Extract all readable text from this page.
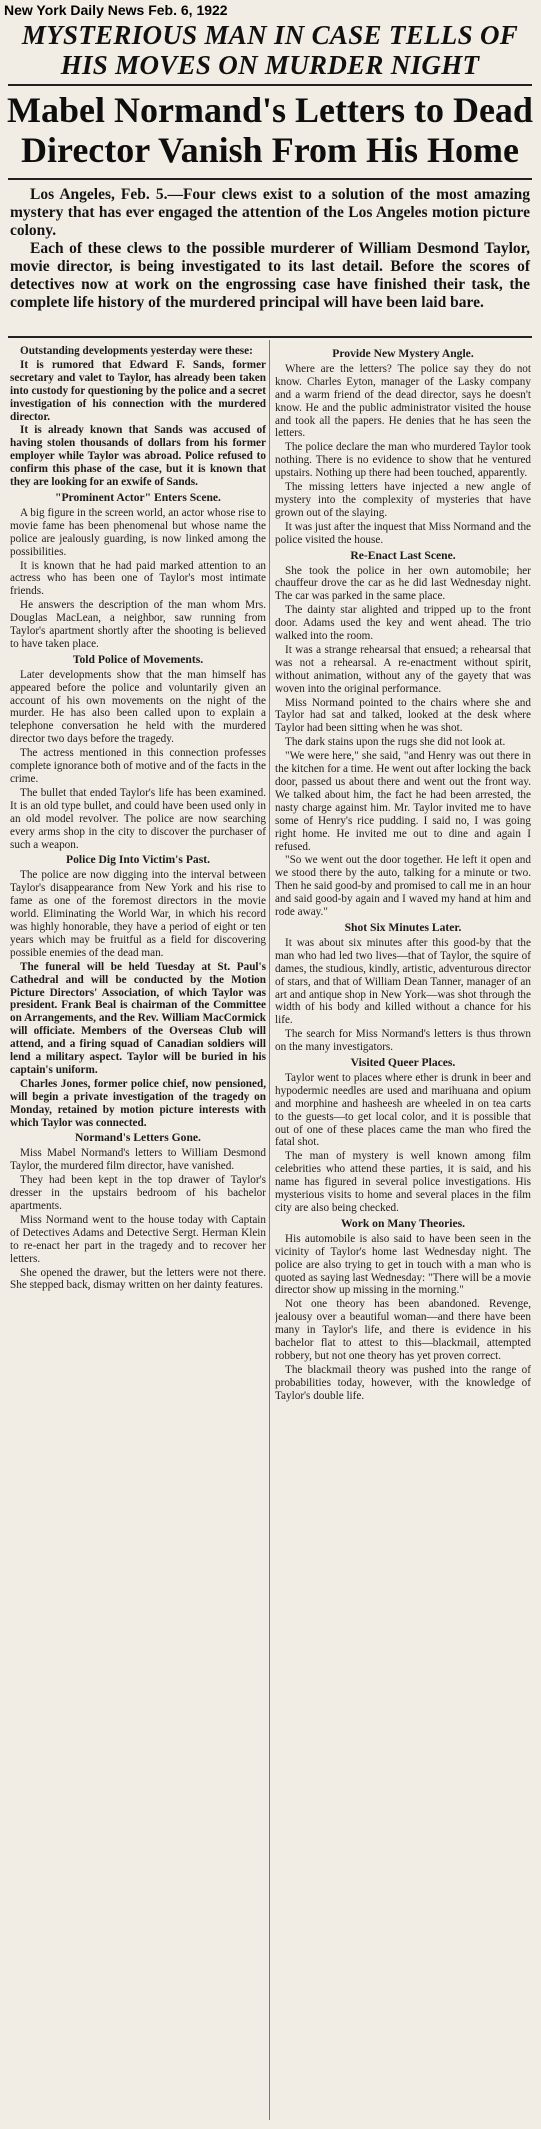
New York Daily News Feb. 6, 1922
MYSTERIOUS MAN IN CASE TELLS OF HIS MOVES ON MURDER NIGHT
Mabel Normand's Letters to Dead Director Vanish From His Home

Los Angeles, Feb. 5.—Four clews exist to a solution of the most amazing mystery that has ever engaged the attention of the Los Angeles motion picture colony.

Each of these clews to the possible murderer of William Desmond Taylor, movie director, is being investigated to its last detail. Before the scores of detectives now at work on the engrossing case have finished their task, the complete life history of the murdered principal will have been laid bare.

Outstanding developments yesterday were these:

It is rumored that Edward F. Sands, former secretary and valet to Taylor, has already been taken into custody for questioning by the police and a secret investigation of his connection with the murdered director.

It is already known that Sands was accused of having stolen thousands of dollars from his former employer while Taylor was abroad. Police refused to confirm this phase of the case, but it is known that they are looking for an exwife of Sands.

"Prominent Actor" Enters Scene.

A big figure in the screen world, an actor whose rise to movie fame has been phenomenal but whose name the police are jealously guarding, is now linked among the possibilities.

It is known that he had paid marked attention to an actress who has been one of Taylor's most intimate friends.

He answers the description of the man whom Mrs. Douglas MacLean, a neighbor, saw running from Taylor's apartment shortly after the shooting is believed to have taken place.

Told Police of Movements.

Later developments show that the man himself has appeared before the police and voluntarily given an account of his own movements on the night of the murder. He has also been called upon to explain a telephone conversation he held with the murdered director two days before the tragedy.

The actress mentioned in this connection professes complete ignorance both of motive and of the facts in the crime.

The bullet that ended Taylor's life has been examined. It is an old type bullet, and could have been used only in an old model revolver. The police are now searching every arms shop in the city to discover the purchaser of such a weapon.

Police Dig Into Victim's Past.

The police are now digging into the interval between Taylor's disappearance from New York and his rise to fame as one of the foremost directors in the movie world. Eliminating the World War, in which his record was highly honorable, they have a period of eight or ten years which may be fruitful as a field for discovering possible enemies of the dead man.

The funeral will be held Tuesday at St. Paul's Cathedral and will be conducted by the Motion Picture Directors' Association, of which Taylor was president. Frank Beal is chairman of the Committee on Arrangements, and the Rev. William MacCormick will officiate. Members of the Overseas Club will attend, and a firing squad of Canadian soldiers will lend a military aspect. Taylor will be buried in his captain's uniform.

Charles Jones, former police chief, now pensioned, will begin a private investigation of the tragedy on Monday, retained by motion picture interests with which Taylor was connected.

Normand's Letters Gone.

Miss Mabel Normand's letters to William Desmond Taylor, the murdered film director, have vanished.

They had been kept in the top drawer of Taylor's dresser in the upstairs bedroom of his bachelor apartments.

Miss Normand went to the house today with Captain of Detectives Adams and Detective Sergt. Herman Klein to re-enact her part in the tragedy and to recover her letters.

She opened the drawer, but the letters were not there. She stepped back, dismay written on her dainty features.

Provide New Mystery Angle.

Where are the letters? The police say they do not know. Charles Eyton, manager of the Lasky company and a warm friend of the dead director, says he doesn't know. He and the public administrator visited the house and took all the papers. He denies that he has seen the letters.

The police declare the man who murdered Taylor took nothing. There is no evidence to show that he ventured upstairs. Nothing up there had been touched, apparently.

The missing letters have injected a new angle of mystery into the complexity of mysteries that have grown out of the slaying.

It was just after the inquest that Miss Normand and the police visited the house.

Re-Enact Last Scene.

She took the police in her own automobile; her chauffeur drove the car as he did last Wednesday night. The car was parked in the same place.

The dainty star alighted and tripped up to the front door. Adams used the key and went ahead. The trio walked into the room.

It was a strange rehearsal that ensued; a rehearsal that was not a rehearsal. A re-enactment without spirit, without animation, without any of the gayety that was woven into the original performance.

Miss Normand pointed to the chairs where she and Taylor had sat and talked, looked at the desk where Taylor had been sitting when he was shot.

The dark stains upon the rugs she did not look at.

"We were here," she said, "and Henry was out there in the kitchen for a time. He went out after locking the back door, passed us about there and went out the front way. We talked about him, the fact he had been arrested, the nasty charge against him. Mr. Taylor invited me to have some of Henry's rice pudding. I said no, I was going right home. He invited me out to dine and again I refused.

"So we went out the door together. He left it open and we stood there by the auto, talking for a minute or two. Then he said good-by and promised to call me in an hour and said good-by again and I waved my hand at him and rode away."

Shot Six Minutes Later.

It was about six minutes after this good-by that the man who had led two lives—that of Taylor, the squire of dames, the studious, kindly, artistic, adventurous director of stars, and that of William Dean Tanner, manager of an art and antique shop in New York—was shot through the width of his body and killed without a chance for his life.

The search for Miss Normand's letters is thus thrown on the many investigators.

Visited Queer Places.

Taylor went to places where ether is drunk in beer and hypodermic needles are used and marihuana and opium and morphine and hasheesh are wheeled in on tea carts to the guests—to get local color, and it is possible that out of one of these places came the man who fired the fatal shot.

The man of mystery is well known among film celebrities who attend these parties, it is said, and his name has figured in several police investigations. His mysterious visits to home and several places in the film city are also being checked.

Work on Many Theories.

His automobile is also said to have been seen in the vicinity of Taylor's home last Wednesday night. The police are also trying to get in touch with a man who is quoted as saying last Wednesday: "There will be a movie director show up missing in the morning."

Not one theory has been abandoned. Revenge, jealousy over a beautiful woman—and there have been many in Taylor's life, and there is evidence in his bachelor flat to attest to this—blackmail, attempted robbery, but not one theory has yet proven correct.

The blackmail theory was pushed into the range of probabilities today, however, with the knowledge of Taylor's double life.
